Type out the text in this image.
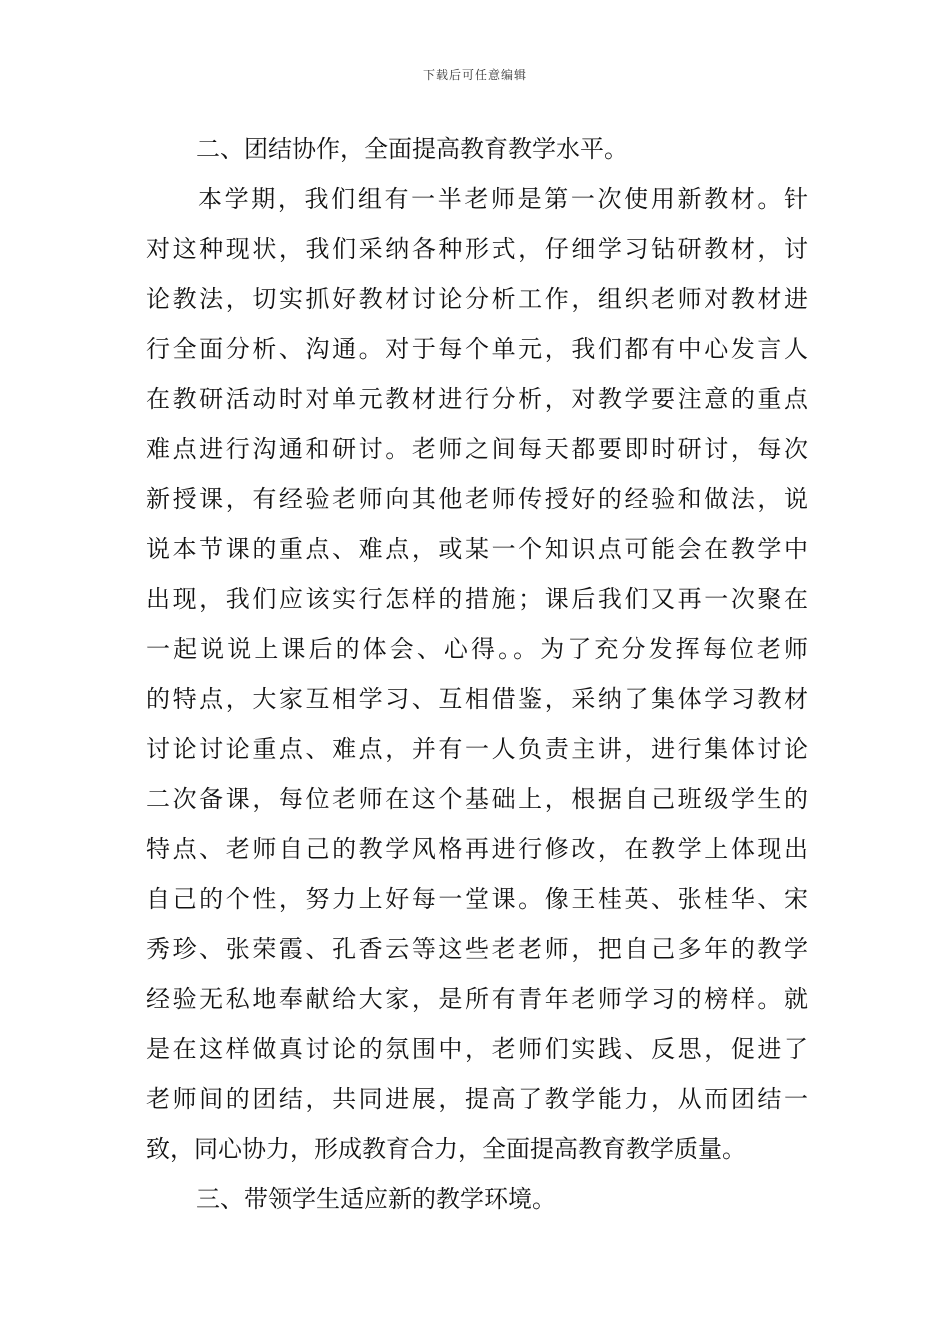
下载后可任意编辑

二、团结协作，全面提高教育教学水平。

本学期，我们组有一半老师是第一次使用新教材。针
对这种现状，我们采纳各种形式，仔细学习钻研教材，讨
论教法，切实抓好教材讨论分析工作，组织老师对教材进
行全面分析、沟通。对于每个单元，我们都有中心发言人
在教研活动时对单元教材进行分析，对教学要注意的重点
难点进行沟通和研讨。老师之间每天都要即时研讨，每次
新授课，有经验老师向其他老师传授好的经验和做法，说
说本节课的重点、难点，或某一个知识点可能会在教学中
出现，我们应该实行怎样的措施；课后我们又再一次聚在
一起说说上课后的体会、心得。。为了充分发挥每位老师
的特点，大家互相学习、互相借鉴，采纳了集体学习教材
讨论讨论重点、难点，并有一人负责主讲，进行集体讨论
二次备课，每位老师在这个基础上，根据自己班级学生的
特点、老师自己的教学风格再进行修改，在教学上体现出
自己的个性，努力上好每一堂课。像王桂英、张桂华、宋
秀珍、张荣霞、孔香云等这些老老师，把自己多年的教学
经验无私地奉献给大家，是所有青年老师学习的榜样。就
是在这样做真讨论的氛围中，老师们实践、反思，促进了
老师间的团结，共同进展，提高了教学能力，从而团结一
致，同心协力，形成教育合力，全面提高教育教学质量。

三、带领学生适应新的教学环境。
